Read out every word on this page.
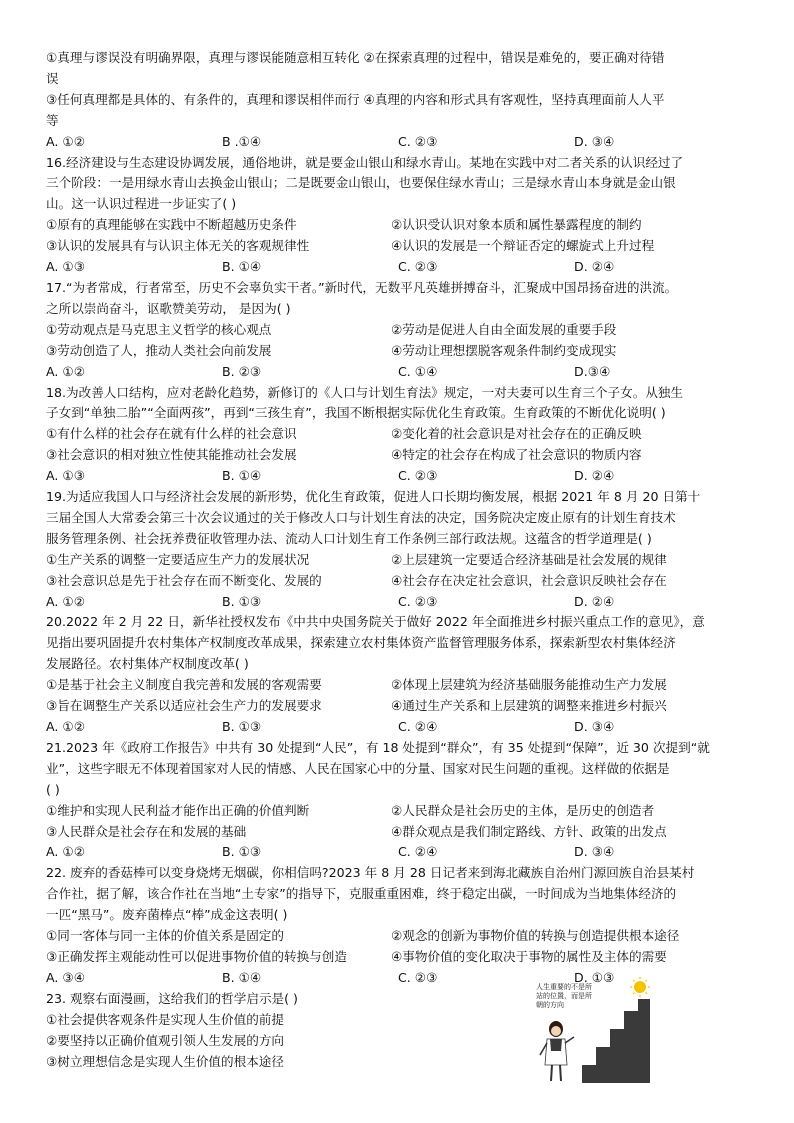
①真理与谬误没有明确界限，真理与谬误能随意相互转化 ②在探索真理的过程中，错误是难免的，要正确对待错
误
③任何真理都是具体的、有条件的，真理和谬误相伴而行 ④真理的内容和形式具有客观性，坚持真理面前人人平
等
A. ①②	B .①④	C. ②③	D. ③④
16.经济建设与生态建设协调发展，通俗地讲，就是要金山银山和绿水青山。某地在实践中对二者关系的认识经过了
三个阶段：一是用绿水青山去换金山银山；二是既要金山银山，也要保住绿水青山；三是绿水青山本身就是金山银
山。这一认识过程进一步证实了( )
①原有的真理能够在实践中不断超越历史条件	②认识受认识对象本质和属性暴露程度的制约
③认识的发展具有与认识主体无关的客观规律性	④认识的发展是一个辩证否定的螺旋式上升过程
A. ①③	B. ①④	C. ②③	D. ②④
17.“为者常成，行者常至，历史不会辜负实干者。”新时代，无数平凡英雄拼搏奋斗，汇聚成中国昂扬奋进的洪流。
之所以崇尚奋斗，讴歌赞美劳动， 是因为( )
①劳动观点是马克思主义哲学的核心观点	②劳动是促进人自由全面发展的重要手段
③劳动创造了人，推动人类社会向前发展	④劳动让理想摆脱客观条件制约变成现实
A. ①②	B. ②③	C. ①④	D.③④
18.为改善人口结构，应对老龄化趋势，新修订的《人口与计划生育法》规定，一对夫妻可以生育三个子女。从独生
子女到“单独二胎”“全面两孩”，再到“三孩生育”，我国不断根据实际优化生育政策。生育政策的不断优化说明( )
①有什么样的社会存在就有什么样的社会意识	②变化着的社会意识是对社会存在的正确反映
③社会意识的相对独立性使其能推动社会发展	④特定的社会存在构成了社会意识的物质内容
A. ①③	B. ①④	C. ②③	D. ②④
19.为适应我国人口与经济社会发展的新形势，优化生育政策，促进人口长期均衡发展，根据 2021 年 8 月 20 日第十
三届全国人大常委会第三十次会议通过的关于修改人口与计划生育法的决定，国务院决定废止原有的计划生育技术
服务管理条例、社会抚养费征收管理办法、流动人口计划生育工作条例三部行政法规。这蕴含的哲学道理是( )
①生产关系的调整一定要适应生产力的发展状况	②上层建筑一定要适合经济基础是社会发展的规律
③社会意识总是先于社会存在而不断变化、发展的	④社会存在决定社会意识，社会意识反映社会存在
A. ①②	B. ①③	C. ②③	D. ②④
20.2022 年 2 月 22 日，新华社授权发布《中共中央国务院关于做好 2022 年全面推进乡村振兴重点工作的意见》，意
见指出要巩固提升农村集体产权制度改革成果，探索建立农村集体资产监督管理服务体系，探索新型农村集体经济
发展路径。农村集体产权制度改革( )
①是基于社会主义制度自我完善和发展的客观需要	②体现上层建筑为经济基础服务能推动生产力发展
③旨在调整生产关系以适应社会生产力的发展要求	④通过生产关系和上层建筑的调整来推进乡村振兴
A. ①②	B. ①③	C. ②④	D. ③④
21.2023 年《政府工作报告》中共有 30 处提到“人民”，有 18 处提到“群众”，有 35 处提到“保障”，近 30 次提到“就
业”，这些字眼无不体现着国家对人民的情感、人民在国家心中的分量、国家对民生问题的重视。这样做的依据是
( )
①维护和实现人民利益才能作出正确的价值判断	②人民群众是社会历史的主体，是历史的创造者
③人民群众是社会存在和发展的基础	④群众观点是我们制定路线、方针、政策的出发点
A. ①②	B. ①③	C. ②④	D. ③④
22. 废弃的香菇棒可以变身烧烤无烟碳，你相信吗?2023 年 8 月 28 日记者来到海北藏族自治州门源回族自治县某村
合作社，据了解，该合作社在当地“土专家”的指导下，克服重重困难，终于稳定出碳，一时间成为当地集体经济的
一匹“黑马”。废弃菌棒点“棒”成金这表明( )
①同一客体与同一主体的价值关系是固定的	②观念的创新为事物价值的转换与创造提供根本途径
③正确发挥主观能动性可以促进事物价值的转换与创造	④事物价值的变化取决于事物的属性及主体的需要
A. ③④	B. ①④	C. ②③	D. ①③
23. 观察右面漫画，这给我们的哲学启示是( )
①社会提供客观条件是实现人生价值的前提
②要坚持以正确价值观引领人生发展的方向
③树立理想信念是实现人生价值的根本途径
人生重要的不是所
站的位置，而是所
朝的方向
